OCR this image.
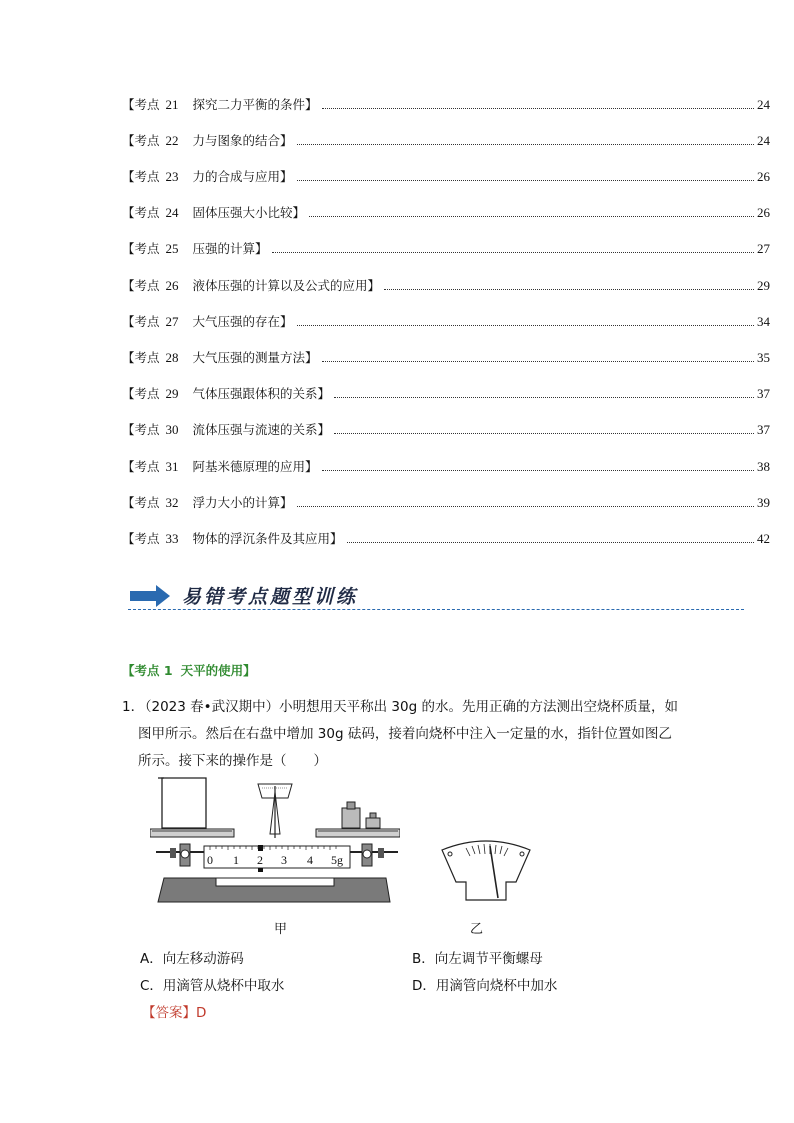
【考点 21 探究二力平衡的条件】	24
【考点 22 力与图象的结合】	24
【考点 23 力的合成与应用】	26
【考点 24 固体压强大小比较】	26
【考点 25 压强的计算】	27
【考点 26 液体压强的计算以及公式的应用】	29
【考点 27 大气压强的存在】	34
【考点 28 大气压强的测量方法】	35
【考点 29 气体压强跟体积的关系】	37
【考点 30 流体压强与流速的关系】	37
【考点 31 阿基米德原理的应用】	38
【考点 32 浮力大小的计算】	39
【考点 33 物体的浮沉条件及其应用】	42
易错考点题型训练
【考点 1 天平的使用】
1．
（2023 春•武汉期中）小明想用天平称出 30g 的水。先用正确的方法测出空烧杯质量，如图甲所示。然后在右盘中增加 30g 砝码，接着向烧杯中注入一定量的水，指针位置如图乙所示。接下来的操作是（　　）
0 1 2 3 4 5g
甲	乙
A．向左移动游码	B．向左调节平衡螺母
C．用滴管从烧杯中取水	D．用滴管向烧杯中加水
【答案】D
